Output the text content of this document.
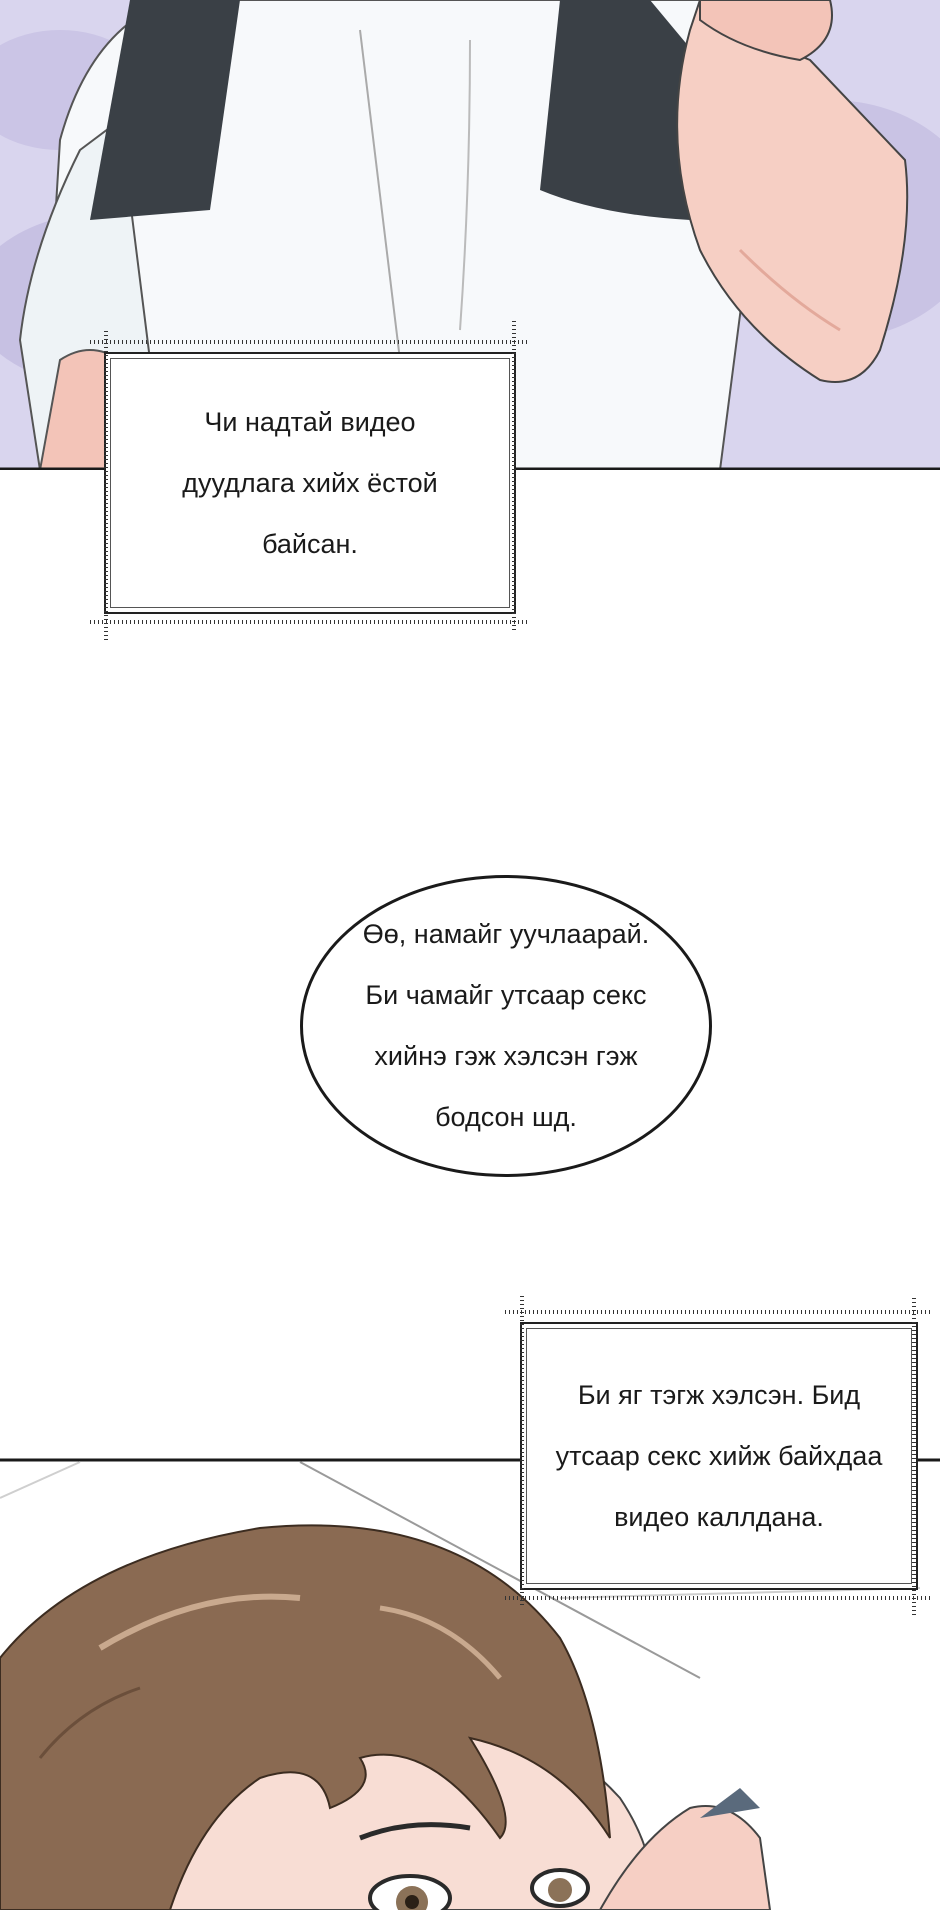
Чи надтай видео
дуудлага хийх ёстой
байсан.
Өө, намайг уучлаарай.
Би чамайг утсаар секс
хийнэ гэж хэлсэн гэж
бодсон шд.
Би яг тэгж хэлсэн. Бид
утсаар секс хийж байхдаа
видео каллдана.
